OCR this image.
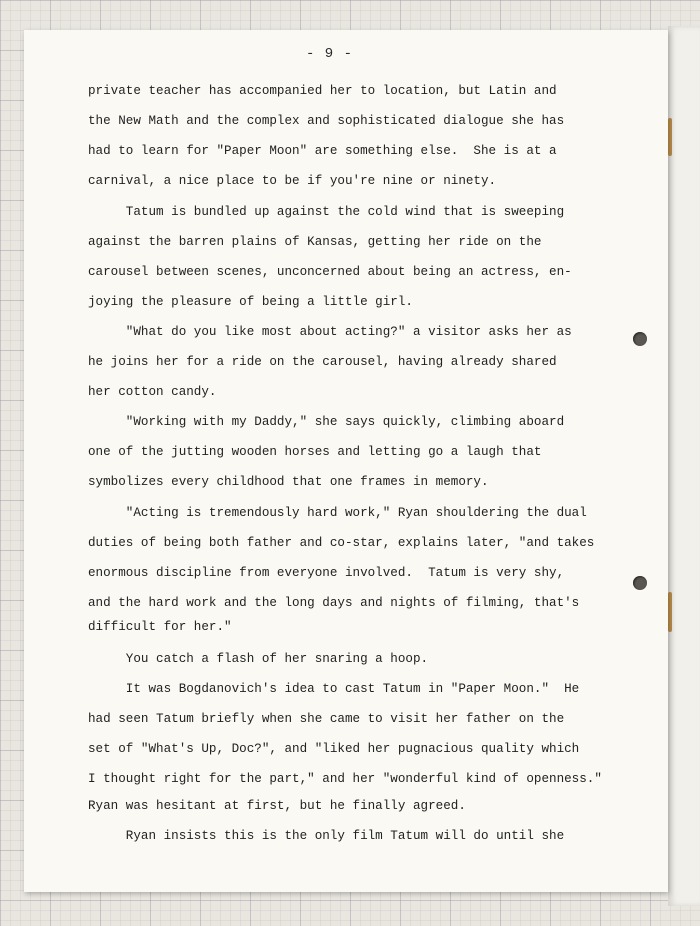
- 9 -

private teacher has accompanied her to location, but Latin and

the New Math and the complex and sophisticated dialogue she has

had to learn for "Paper Moon" are something else.  She is at a

carnival, a nice place to be if you're nine or ninety.

Tatum is bundled up against the cold wind that is sweeping

against the barren plains of Kansas, getting her ride on the

carousel between scenes, unconcerned about being an actress, en-

joying the pleasure of being a little girl.

"What do you like most about acting?" a visitor asks her as

he joins her for a ride on the carousel, having already shared

her cotton candy.

"Working with my Daddy," she says quickly, climbing aboard

one of the jutting wooden horses and letting go a laugh that

symbolizes every childhood that one frames in memory.

"Acting is tremendously hard work," Ryan shouldering the dual

duties of being both father and co-star, explains later, "and takes

enormous discipline from everyone involved.  Tatum is very shy,

and the hard work and the long days and nights of filming, that's

difficult for her."

You catch a flash of her snaring a hoop.

It was Bogdanovich's idea to cast Tatum in "Paper Moon."  He

had seen Tatum briefly when she came to visit her father on the

set of "What's Up, Doc?", and "liked her pugnacious quality which

I thought right for the part," and her "wonderful kind of openness."

Ryan was hesitant at first, but he finally agreed.

Ryan insists this is the only film Tatum will do until she
